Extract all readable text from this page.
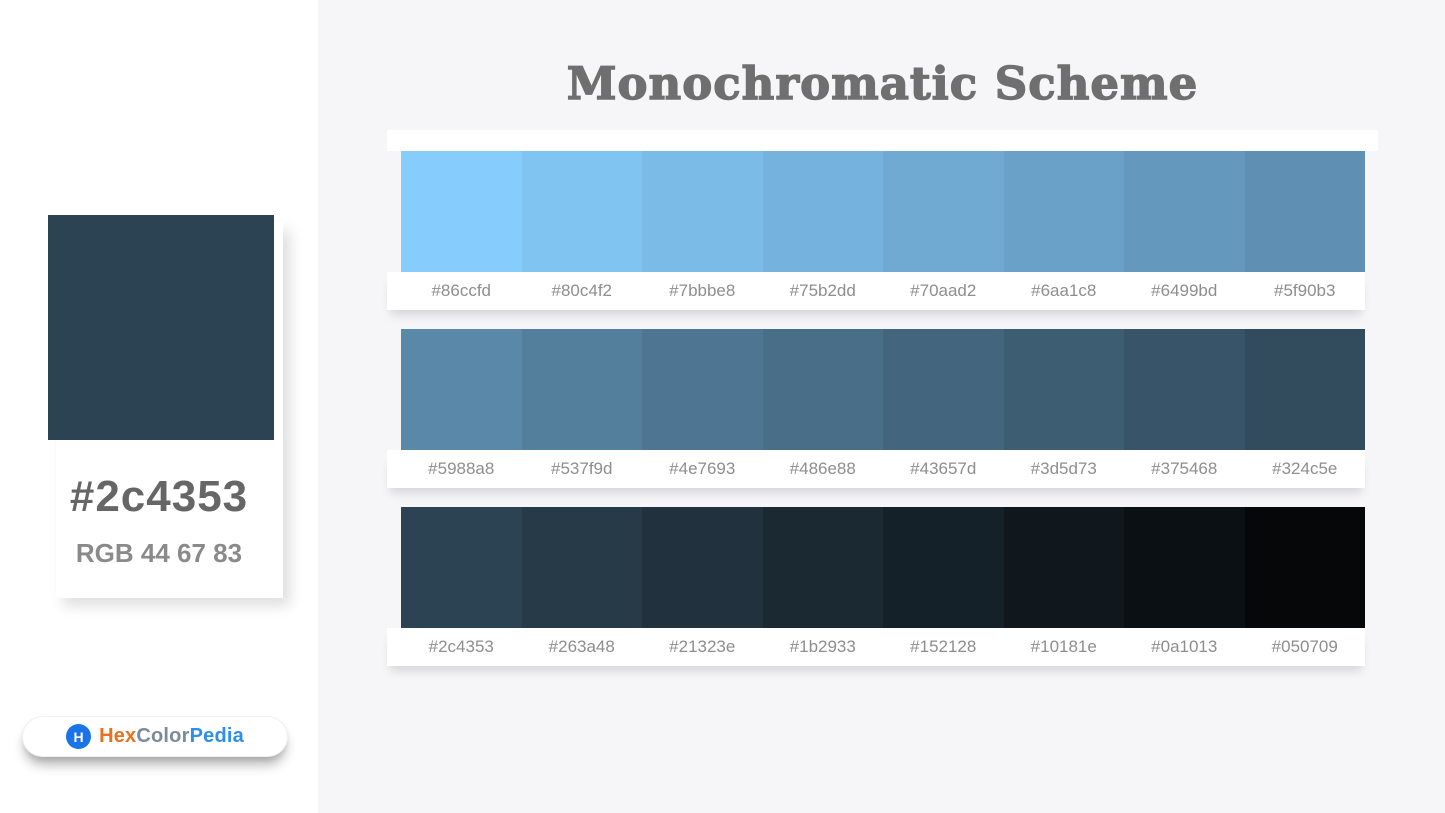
#2c4353
RGB 44 67 83
H HexColorPedia
Monochromatic Scheme
#86ccfd	#80c4f2	#7bbbe8	#75b2dd	#70aad2	#6aa1c8	#6499bd	#5f90b3
#5988a8	#537f9d	#4e7693	#486e88	#43657d	#3d5d73	#375468	#324c5e
#2c4353	#263a48	#21323e	#1b2933	#152128	#10181e	#0a1013	#050709
